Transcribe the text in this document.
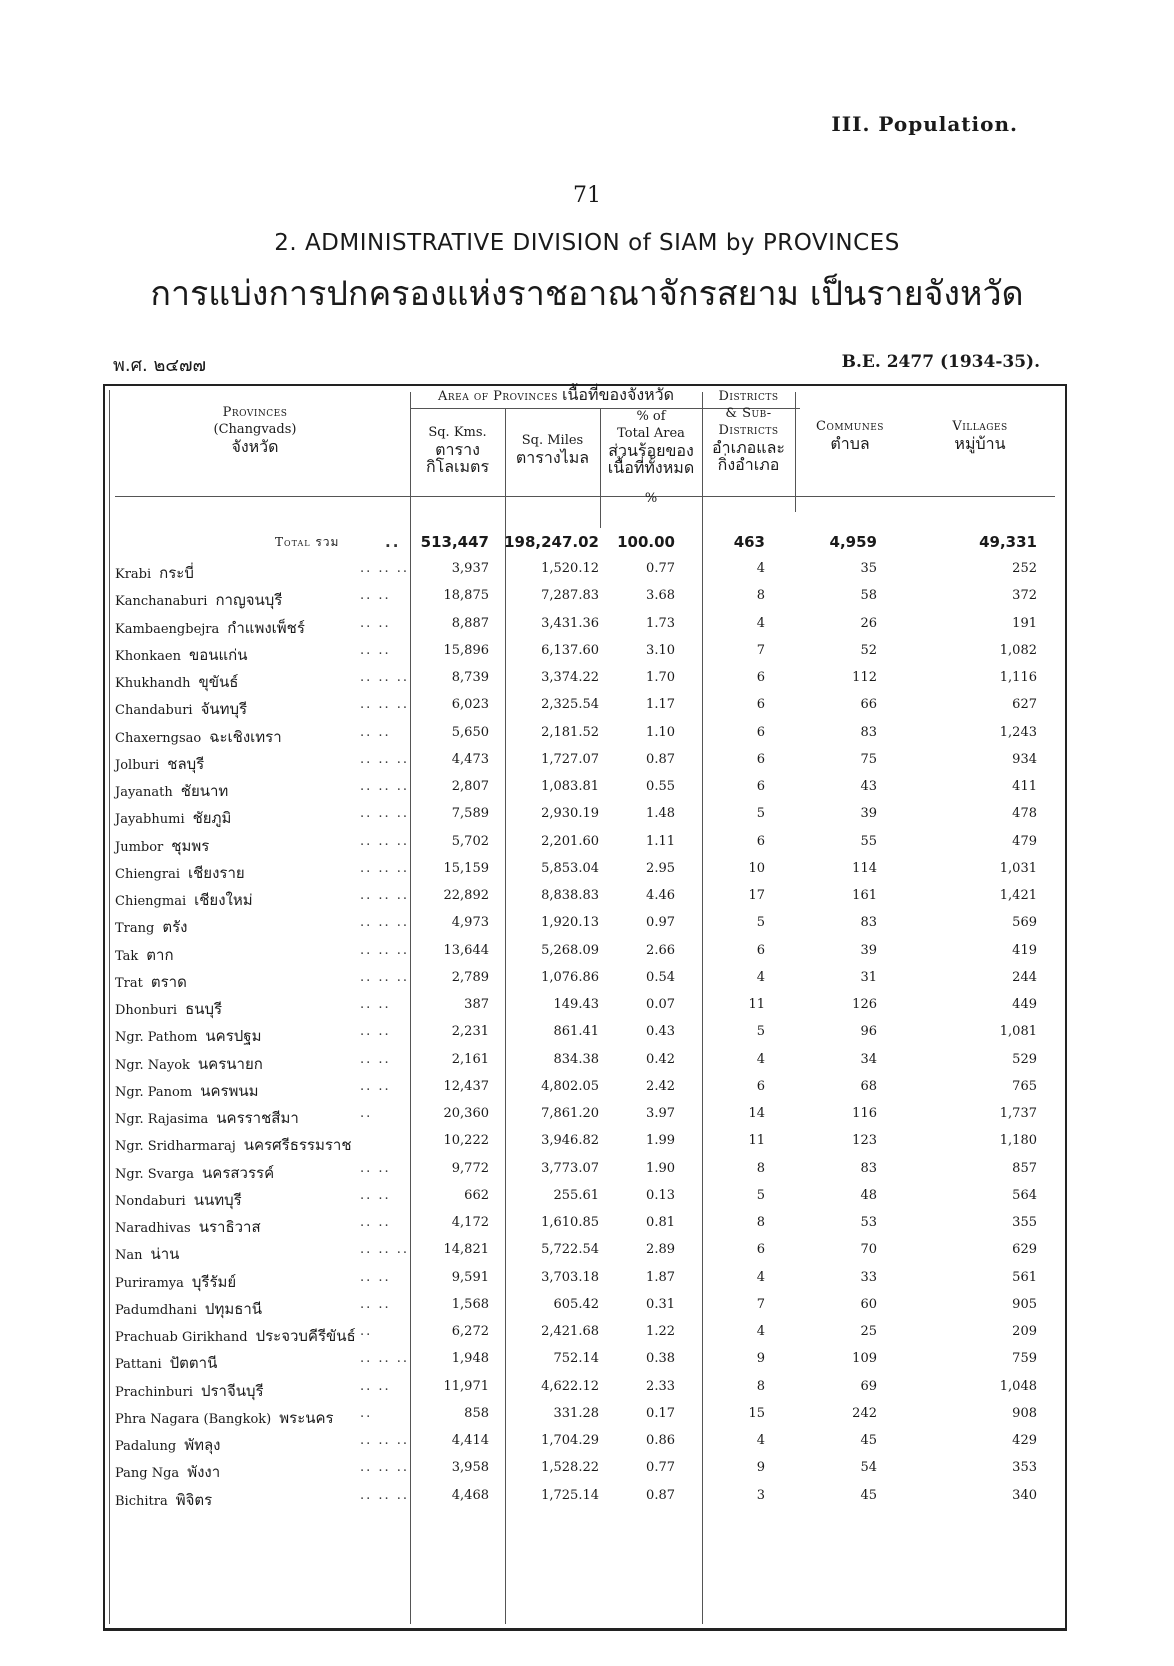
III. Population.
71
2. ADMINISTRATIVE DIVISION of SIAM by PROVINCES
การแบ่งการปกครองแห่งราชอาณาจักรสยาม เป็นรายจังหวัด
พ.ศ. ๒๔๗๗	B.E. 2477 (1934-35).
Provinces
(Changvads)
จังหวัด
Area of Provinces เนื้อที่ของจังหวัด
Sq. Kms.
ตาราง
กิโลเมตร
Sq. Miles
ตารางไมล
% of
Total Area
ส่วนร้อยของ
เนื้อที่ทั้งหมด
%
Districts
& Sub-
Districts
อำเภอและ
กิ่งอำเภอ
Communes
ตำบล
Villages
หมู่บ้าน
Total รวม	.. 513,447 198,247.02 100.00	463	4,959	49,331
Krabi กระบี่	.. .. ..	3,937	1,520.12	0.77	4	35	252
Kanchanaburi กาญจนบุรี	.. ..	18,875	7,287.83	3.68	8	58	372
Kambaengbejra กำแพงเพ็ชร์	.. ..	8,887	3,431.36	1.73	4	26	191
Khonkaen ขอนแก่น	.. ..	15,896	6,137.60	3.10	7	52	1,082
Khukhandh ขุขันธ์	.. .. ..	8,739	3,374.22	1.70	6	112	1,116
Chandaburi จันทบุรี	.. .. ..	6,023	2,325.54	1.17	6	66	627
Chaxerngsao ฉะเชิงเทรา	.. ..	5,650	2,181.52	1.10	6	83	1,243
Jolburi ชลบุรี	.. .. ..	4,473	1,727.07	0.87	6	75	934
Jayanath ชัยนาท	.. .. ..	2,807	1,083.81	0.55	6	43	411
Jayabhumi ชัยภูมิ	.. .. ..	7,589	2,930.19	1.48	5	39	478
Jumbor ชุมพร	.. .. ..	5,702	2,201.60	1.11	6	55	479
Chiengrai เชียงราย	.. .. ..	15,159	5,853.04	2.95	10	114	1,031
Chiengmai เชียงใหม่	.. .. ..	22,892	8,838.83	4.46	17	161	1,421
Trang ตรัง	.. .. ..	4,973	1,920.13	0.97	5	83	569
Tak ตาก	.. .. ..	13,644	5,268.09	2.66	6	39	419
Trat ตราด	.. .. ..	2,789	1,076.86	0.54	4	31	244
Dhonburi ธนบุรี	.. ..	387	149.43	0.07	11	126	449
Ngr. Pathom นครปฐม	.. ..	2,231	861.41	0.43	5	96	1,081
Ngr. Nayok นครนายก	.. ..	2,161	834.38	0.42	4	34	529
Ngr. Panom นครพนม	.. ..	12,437	4,802.05	2.42	6	68	765
Ngr. Rajasima นครราชสีมา	..	20,360	7,861.20	3.97	14	116	1,737
Ngr. Sridharmaraj นครศรีธรรมราช	10,222	3,946.82	1.99	11	123	1,180
Ngr. Svarga นครสวรรค์	.. ..	9,772	3,773.07	1.90	8	83	857
Nondaburi นนทบุรี	.. ..	662	255.61	0.13	5	48	564
Naradhivas นราธิวาส	.. ..	4,172	1,610.85	0.81	8	53	355
Nan น่าน	.. .. ..	14,821	5,722.54	2.89	6	70	629
Puriramya บุรีรัมย์	.. ..	9,591	3,703.18	1.87	4	33	561
Padumdhani ปทุมธานี	.. ..	1,568	605.42	0.31	7	60	905
Prachuab Girikhand ประจวบคีรีขันธ์ ..	6,272	2,421.68	1.22	4	25	209
Pattani ปัตตานี	.. .. ..	1,948	752.14	0.38	9	109	759
Prachinburi ปราจีนบุรี	.. ..	11,971	4,622.12	2.33	8	69	1,048
Phra Nagara (Bangkok) พระนคร ..	858	331.28	0.17	15	242	908
Padalung พัทลุง	.. .. ..	4,414	1,704.29	0.86	4	45	429
Pang Nga พังงา	.. .. ..	3,958	1,528.22	0.77	9	54	353
Bichitra พิจิตร	.. .. ..	4,468	1,725.14	0.87	3	45	340
